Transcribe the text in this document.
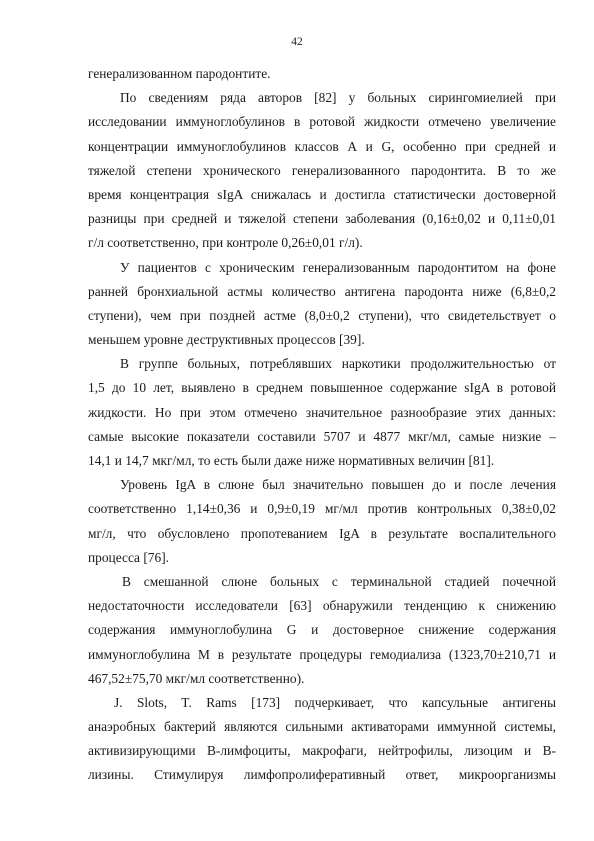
42
генерализованном пародонтите.
По сведениям ряда авторов [82] у больных сирингомиелией при
исследовании иммуноглобулинов в ротовой жидкости отмечено увеличение
концентрации иммуноглобулинов классов А и G, особенно при средней и
тяжелой степени хронического генерализованного пародонтита. В то же
время концентрация sIgA снижалась и достигла статистически достоверной
разницы при средней и тяжелой степени заболевания (0,16±0,02 и 0,11±0,01
г/л соответственно, при контроле 0,26±0,01 г/л).
У пациентов с хроническим генерализованным пародонтитом на фоне
ранней бронхиальной астмы количество антигена пародонта ниже (6,8±0,2
ступени), чем при поздней астме (8,0±0,2 ступени), что свидетельствует о
меньшем уровне деструктивных процессов [39].
В группе больных, потреблявших наркотики продолжительностью от
1,5 до 10 лет, выявлено в среднем повышенное содержание sIgA в ротовой
жидкости. Но при этом отмечено значительное разнообразие этих данных:
самые высокие показатели составили 5707 и 4877 мкг/мл, самые низкие –
14,1 и 14,7 мкг/мл, то есть были даже ниже нормативных величин [81].
Уровень IgA в слюне был значительно повышен до и после лечения
соответственно 1,14±0,36 и 0,9±0,19 мг/мл против контрольных 0,38±0,02
мг/л, что обусловлено пропотеванием IgA в результате воспалительного
процесса [76].
В смешанной слюне больных с терминальной стадией почечной
недостаточности исследователи [63] обнаружили тенденцию к снижению
содержания иммуноглобулина G и достоверное снижение содержания
иммуноглобулина М в результате процедуры гемодиализа (1323,70±210,71 и
467,52±75,70 мкг/мл соответственно).
J. Slots, T. Rams [173] подчеркивает, что капсульные антигены
анаэробных бактерий являются сильными активаторами иммунной системы,
активизирующими В-лимфоциты, макрофаги, нейтрофилы, лизоцим и В-
лизины. Стимулируя лимфопролиферативный ответ, микроорганизмы
